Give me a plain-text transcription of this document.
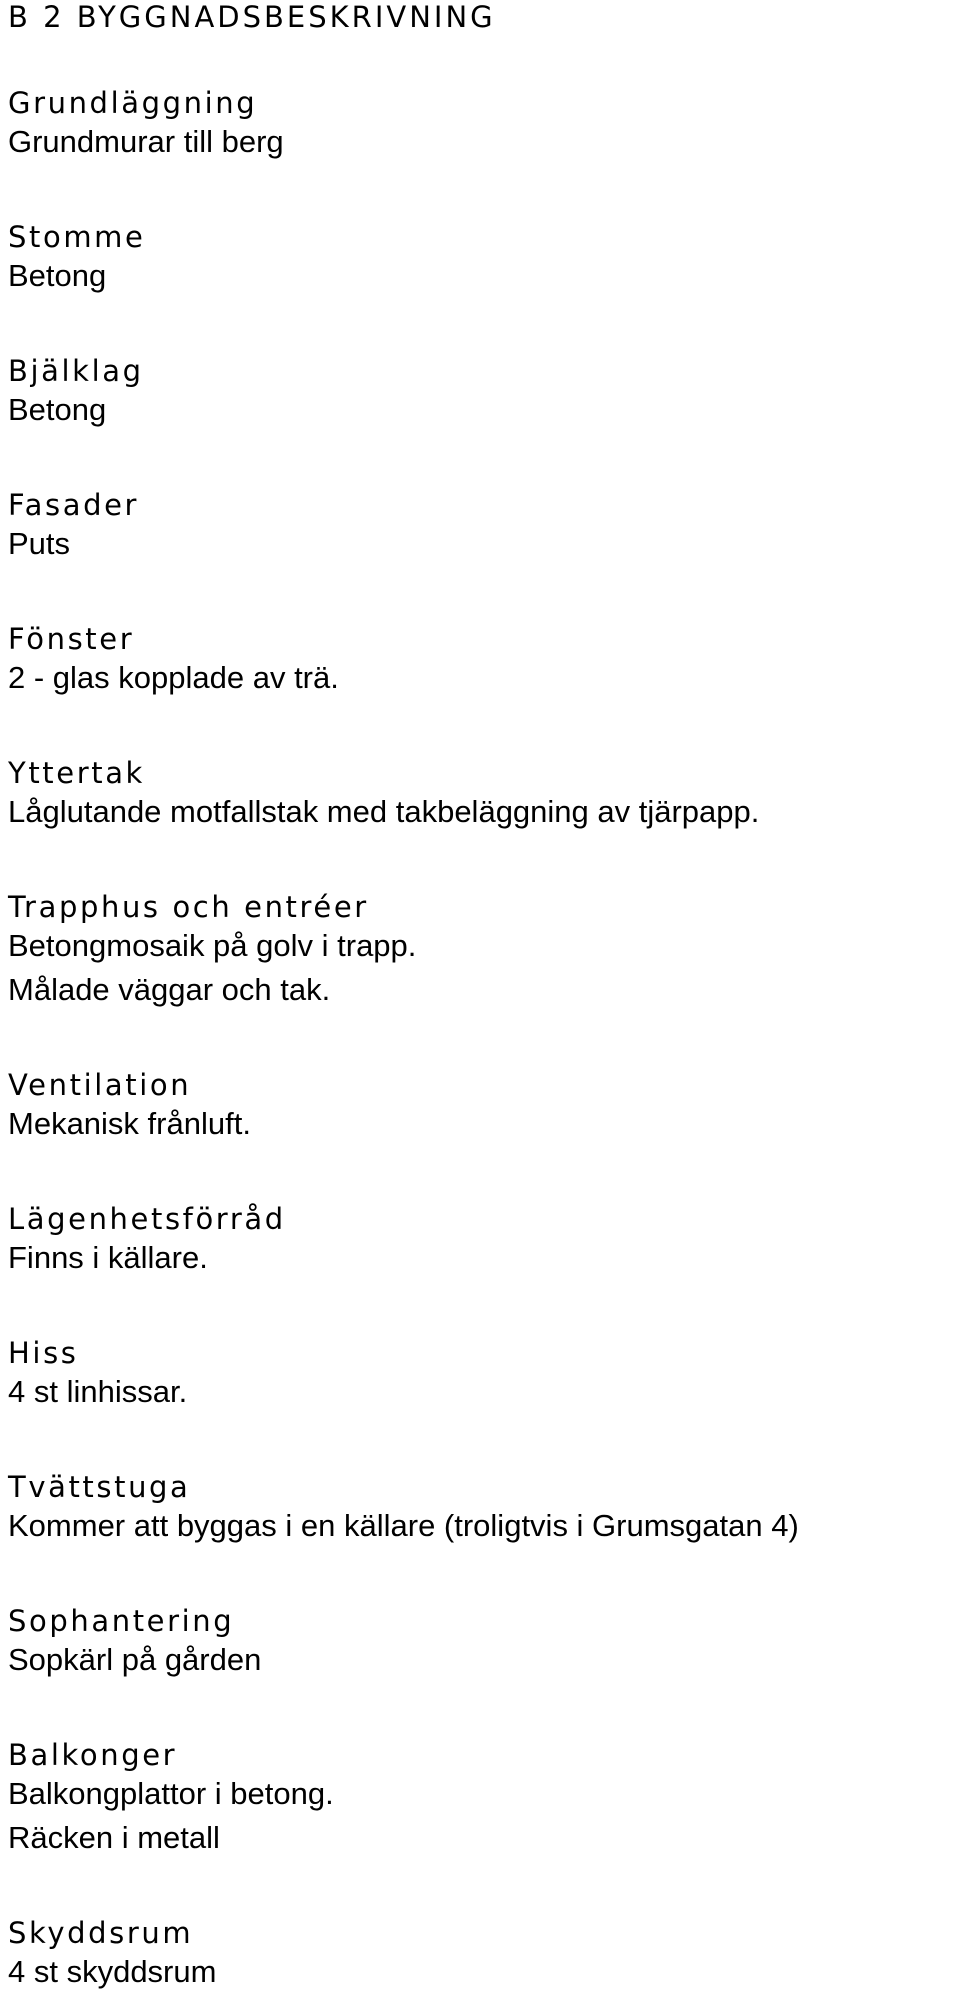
B 2 BYGGNADSBESKRIVNING
Grundläggning
Grundmurar till berg
Stomme
Betong
Bjälklag
Betong
Fasader
Puts
Fönster
2 - glas kopplade av trä.
Yttertak
Låglutande motfallstak med takbeläggning av tjärpapp.
Trapphus och entréer
Betongmosaik på golv i trapp.
Målade väggar och tak.
Ventilation
Mekanisk frånluft.
Lägenhetsförråd
Finns i källare.
Hiss
4 st linhissar.
Tvättstuga
Kommer att byggas i en källare (troligtvis i Grumsgatan 4)
Sophantering
Sopkärl på gården
Balkonger
Balkongplattor i betong.
Räcken i metall
Skyddsrum
4 st skyddsrum
